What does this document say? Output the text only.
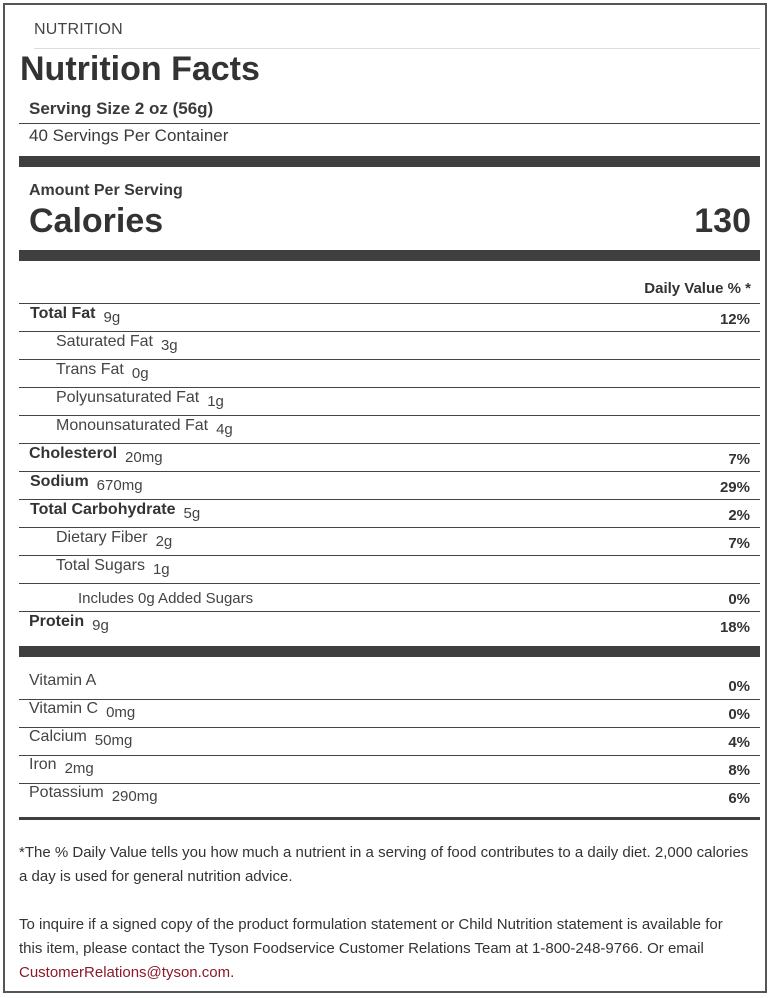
NUTRITION
Nutrition Facts
Serving Size 2 oz (56g)
40 Servings Per Container
Amount Per Serving
Calories	130
Daily Value % *
Total Fat 9g	12%
Saturated Fat 3g
Trans Fat 0g
Polyunsaturated Fat 1g
Monounsaturated Fat 4g
Cholesterol 20mg	7%
Sodium 670mg	29%
Total Carbohydrate 5g	2%
Dietary Fiber 2g	7%
Total Sugars 1g
Includes 0g Added Sugars	0%
Protein 9g	18%
Vitamin A	0%
Vitamin C 0mg	0%
Calcium 50mg	4%
Iron 2mg	8%
Potassium 290mg	6%
*The % Daily Value tells you how much a nutrient in a serving of food contributes to a daily diet. 2,000 calories a day is used for general nutrition advice.
To inquire if a signed copy of the product formulation statement or Child Nutrition statement is available for this item, please contact the Tyson Foodservice Customer Relations Team at 1-800-248-9766. Or email CustomerRelations@tyson.com.
